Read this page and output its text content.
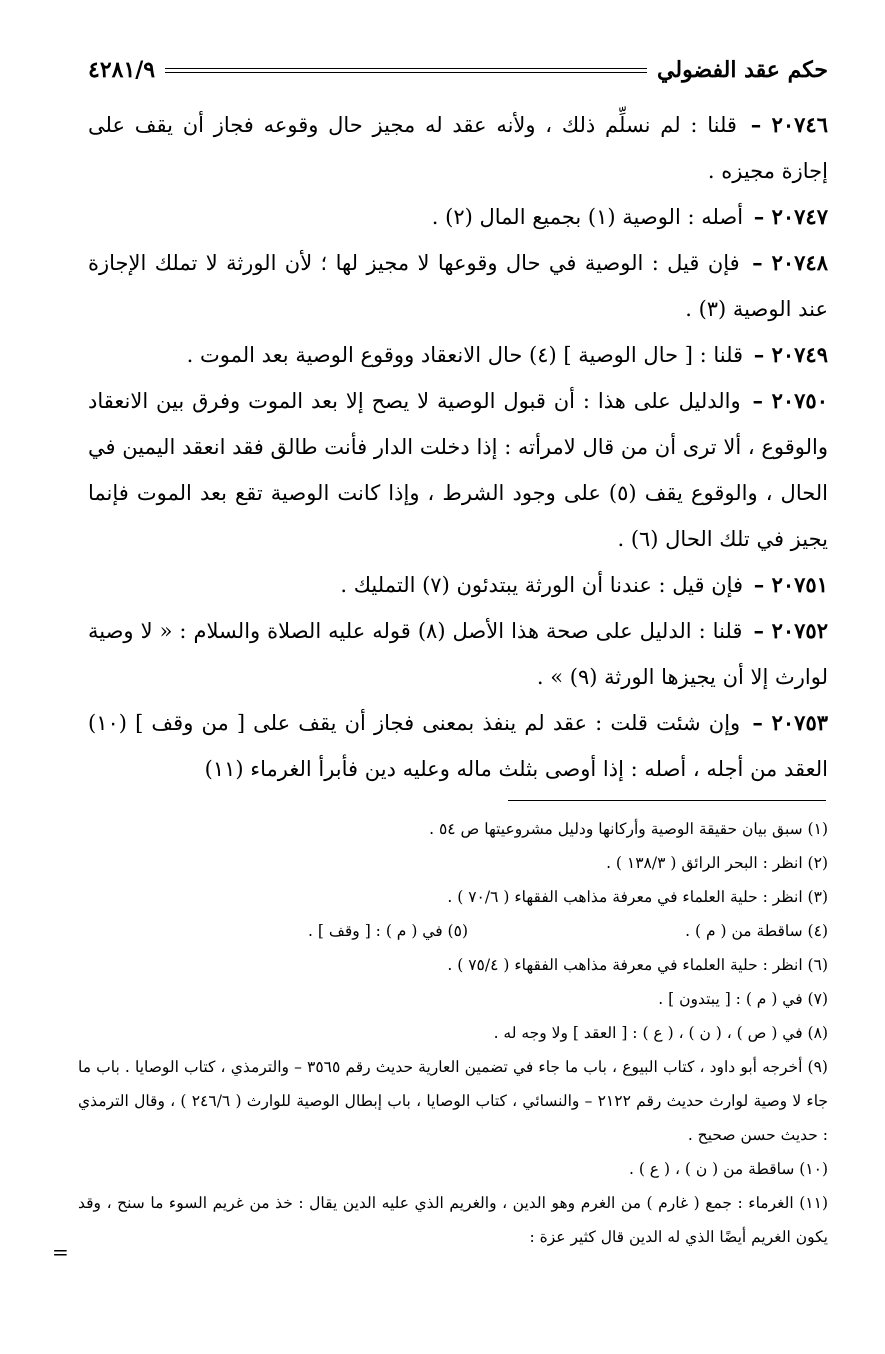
حكم عقد الفضولي
٤٢٨١/٩

٢٠٧٤٦ – قلنا : لم نسلِّم ذلك ، ولأنه عقد له مجيز حال وقوعه فجاز أن يقف على إجازة مجيزه .

٢٠٧٤٧ – أصله : الوصية (١) بجميع المال (٢) .

٢٠٧٤٨ – فإن قيل : الوصية في حال وقوعها لا مجيز لها ؛ لأن الورثة لا تملك الإجازة عند الوصية (٣) .

٢٠٧٤٩ – قلنا : [ حال الوصية ] (٤) حال الانعقاد ووقوع الوصية بعد الموت .

٢٠٧٥٠ – والدليل على هذا : أن قبول الوصية لا يصح إلا بعد الموت وفرق بين الانعقاد والوقوع ، ألا ترى أن من قال لامرأته : إذا دخلت الدار فأنت طالق فقد انعقد اليمين في الحال ، والوقوع يقف (٥) على وجود الشرط ، وإذا كانت الوصية تقع بعد الموت فإنما يجيز في تلك الحال (٦) .

٢٠٧٥١ – فإن قيل : عندنا أن الورثة يبتدئون (٧) التمليك .

٢٠٧٥٢ – قلنا : الدليل على صحة هذا الأصل (٨) قوله عليه الصلاة والسلام : « لا وصية لوارث إلا أن يجيزها الورثة (٩) » .

٢٠٧٥٣ – وإن شئت قلت : عقد لم ينفذ بمعنى فجاز أن يقف على [ من وقف ] (١٠) العقد من أجله ، أصله : إذا أوصى بثلث ماله وعليه دين فأبرأ الغرماء (١١)

(١) سبق بيان حقيقة الوصية وأركانها ودليل مشروعيتها ص ٥٤ .

(٢) انظر : البحر الرائق ( ١٣٨/٣ ) .

(٣) انظر : حلية العلماء في معرفة مذاهب الفقهاء ( ٧٠/٦ ) .

(٤) ساقطة من ( م ) .
(٥) في ( م ) : [ وقف ] .

(٦) انظر : حلية العلماء في معرفة مذاهب الفقهاء ( ٧٥/٤ ) .

(٧) في ( م ) : [ يبتدون ] .

(٨) في ( ص ) ، ( ن ) ، ( ع ) : [ العقد ] ولا وجه له .

(٩) أخرجه أبو داود ، كتاب البيوع ، باب ما جاء في تضمين العارية حديث رقم ٣٥٦٥ – والترمذي ، كتاب الوصايا . باب ما جاء لا وصية لوارث حديث رقم ٢١٢٢ – والنسائي ، كتاب الوصايا ، باب إبطال الوصية للوارث ( ٢٤٦/٦ ) ، وقال الترمذي : حديث حسن صحيح .

(١٠) ساقطة من ( ن ) ، ( ع ) .

(١١) الغرماء : جمع ( غارم ) من الغرم وهو الدين ، والغريم الذي عليه الدين يقال : خذ من غريم السوء ما سنح ، وقد يكون الغريم أيضًا الذي له الدين قال كثير عزة :

=
